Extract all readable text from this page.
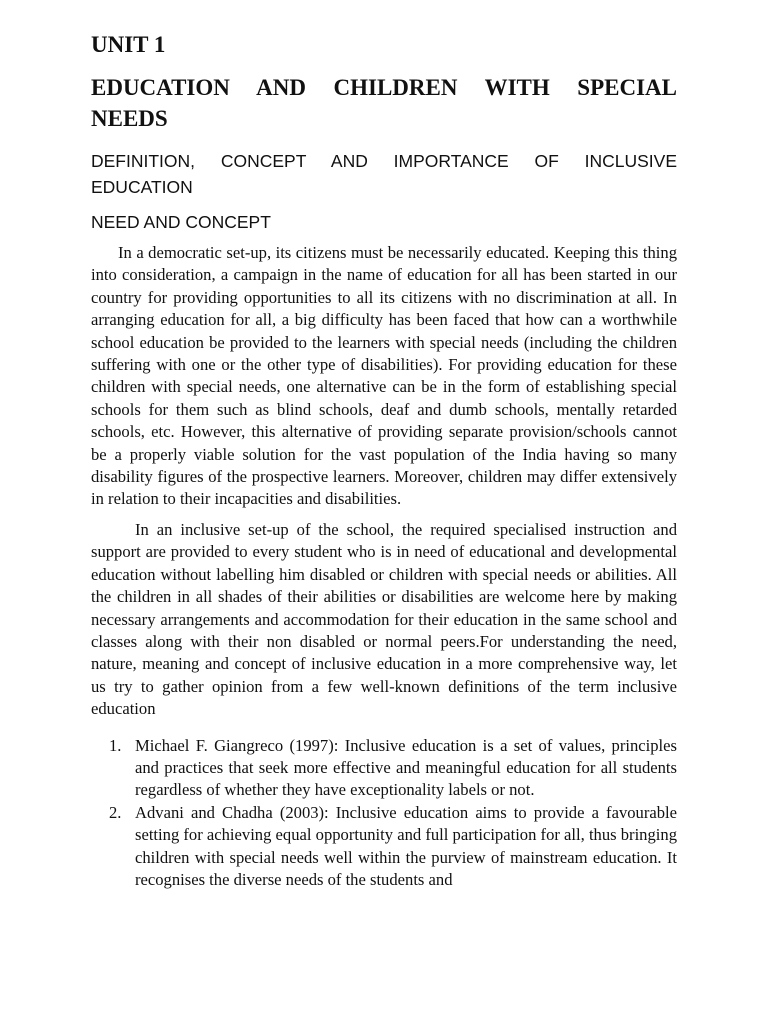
UNIT 1
EDUCATION AND CHILDREN WITH SPECIAL
NEEDS
DEFINITION, CONCEPT AND IMPORTANCE OF INCLUSIVE
EDUCATION
NEED AND CONCEPT

In a democratic set-up, its citizens must be necessarily educated. Keeping this thing into consideration, a campaign in the name of education for all has been started in our country for providing opportunities to all its citizens with no discrimination at all. In arranging education for all, a big difficulty has been faced that how can a worthwhile school education be provided to the learners with special needs (including the children suffering with one or the other type of disabilities). For providing education for these children with special needs, one alternative can be in the form of establishing special schools for them such as blind schools, deaf and dumb schools, mentally retarded schools, etc. However, this alternative of providing separate provision/schools cannot be a properly viable solution for the vast population of the India having so many disability figures of the prospective learners. Moreover, children may differ extensively in relation to their incapacities and disabilities.

In an inclusive set-up of the school, the required specialised instruction and support are provided to every student who is in need of educational and developmental education without labelling him disabled or children with special needs or abilities. All the children in all shades of their abilities or disabilities are welcome here by making necessary arrangements and accommodation for their education in the same school and classes along with their non disabled or normal peers.For understanding the need, nature, meaning and concept of inclusive education in a more comprehensive way, let us try to gather opinion from a few well-known definitions of the term inclusive education

1. Michael F. Giangreco (1997): Inclusive education is a set of values, principles and practices that seek more effective and meaningful education for all students regardless of whether they have exceptionality labels or not.
2. Advani and Chadha (2003): Inclusive education aims to provide a favourable setting for achieving equal opportunity and full participation for all, thus bringing children with special needs well within the purview of mainstream education. It recognises the diverse needs of the students and
